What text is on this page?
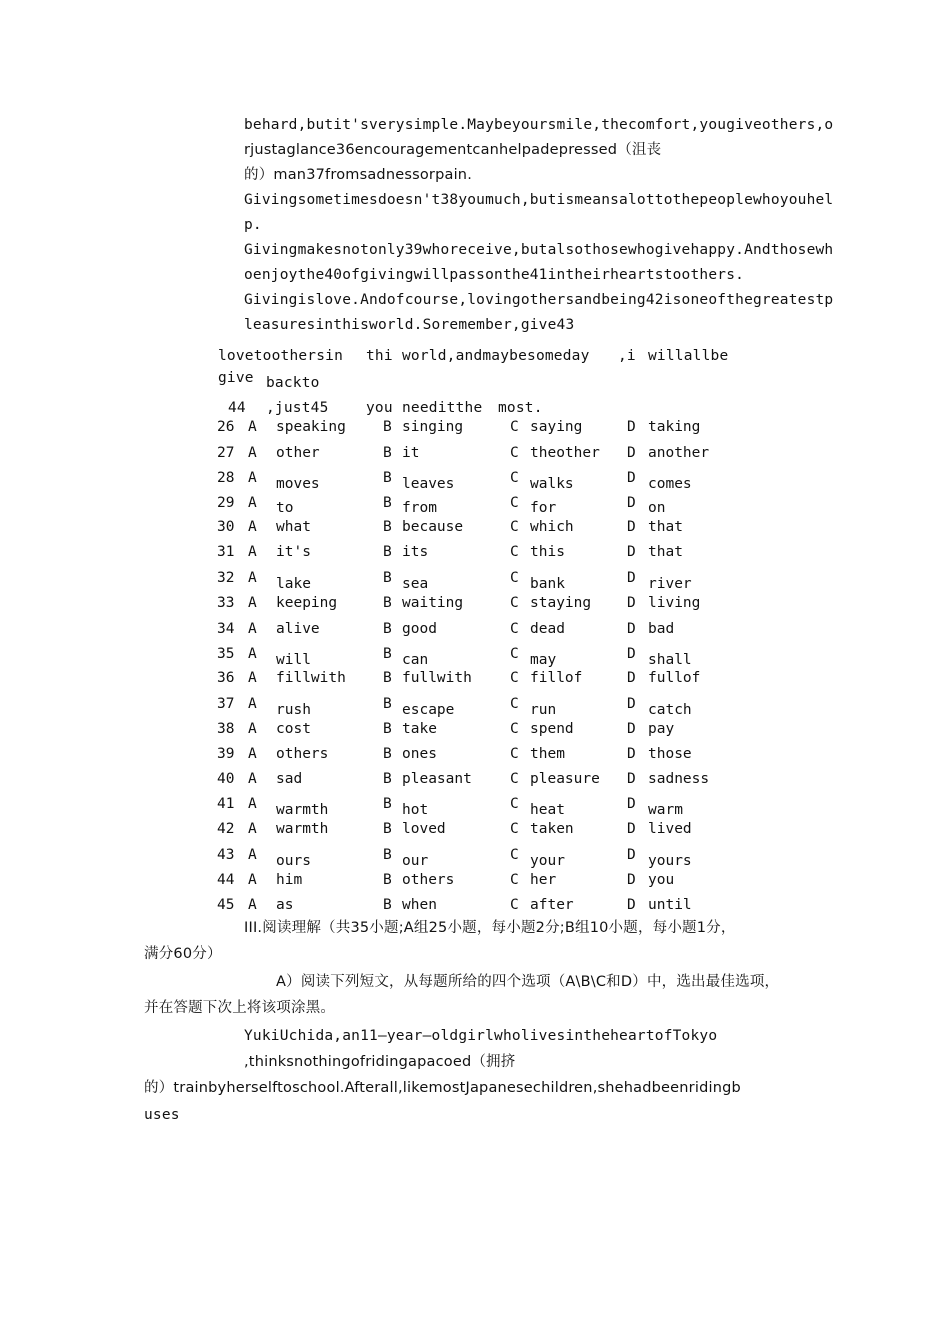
behard,butit'sverysimple.Maybeyoursmile,thecomfort,yougiveothers,o
rjustaglance36encouragementcanhelpadepressed（沮丧
的）man37fromsadnessorpain.
Givingsometimesdoesn't38youmuch,butismeansalottothepeoplewhoyouhel
p.
Givingmakesnotonly39whoreceive,butalsothosewhogivehappy.Andthosewh
oenjoythe40ofgivingwillpassonthe41intheirheartstoothers.
Givingislove.Andofcourse,lovingothersandbeing42isoneofthegreatestp
leasuresinthisworld.Soremember,give43
lovetoothersin thi world,andmaybesomeday ,i willallbe
give backto
44 ,just45	you needitthe most.
26 A speaking	B singing	C saying	D taking
27 A other	B it	C theother D another
28 A moves	B leaves	C walks	D comes
29 A to	B from	C for	D on
30 A what	B because	C which	D that
31 A it's	B its	C this	D that
32 A lake	B sea	C bank	D river
33 A keeping	B waiting	C staying D living
34 A alive	B good	C dead	D bad
35 A will	B can	C may	D shall
36 A fillwith	B fullwith	C fillof	D fullof
37 A rush	B escape	C run	D catch
38 A cost	B take	C spend	D pay
39 A others	B ones	C them	D those
40 A sad	B pleasant	C pleasure D sadness
41 A warmth	B hot	C heat	D warm
42 A warmth	B loved	C taken	D lived
43 A ours	B our	C your	D yours
44 A him	B others	C her	D you
45 A as	B when	C after	D until
III.阅读理解（共35小题;A组25小题，每小题2分;B组10小题，每小题1分，
满分60分）
A）阅读下列短文，从每题所给的四个选项（A\B\C和D）中，选出最佳选项，
并在答题下次上将该项涂黑。
YukiUchida,an11—year—oldgirlwholivesintheheartofTokyo
,thinksnothingofridingapacoed（拥挤
的）trainbyherselftoschool.Afterall,likemostJapanesechildren,shehadbeenridingb
uses
